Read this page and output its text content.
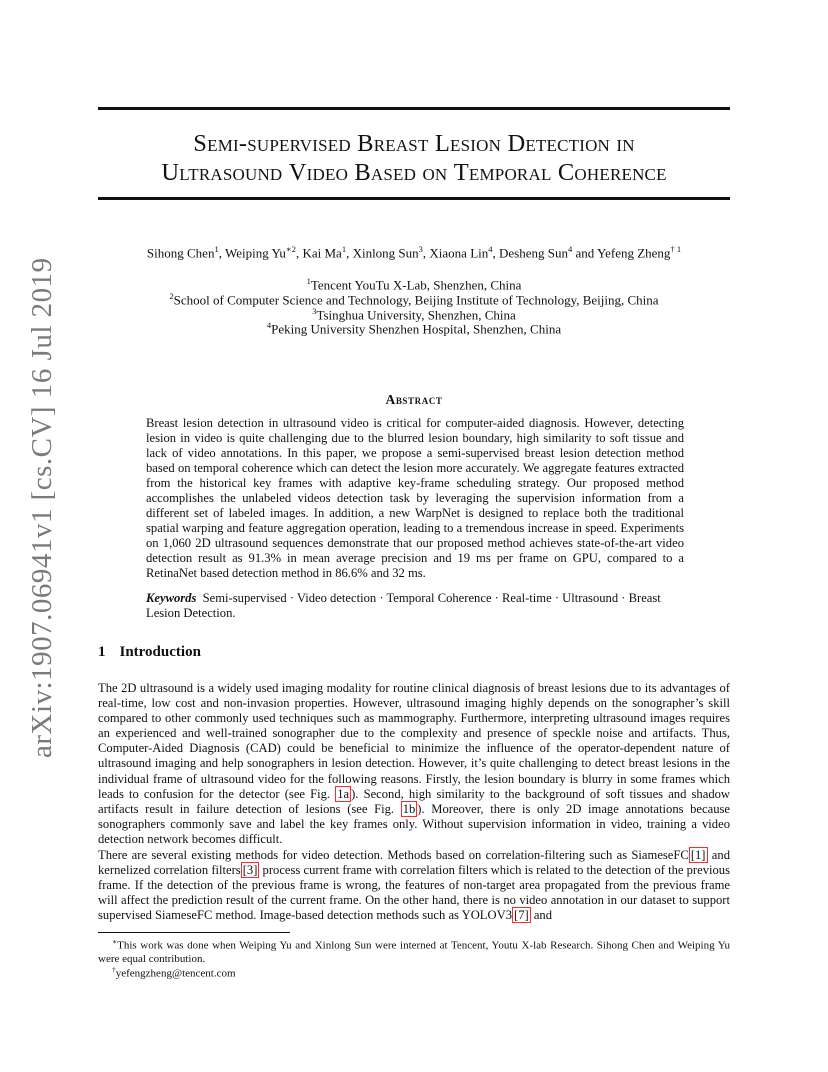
arXiv:1907.06941v1 [cs.CV] 16 Jul 2019
Semi-supervised Breast Lesion Detection in
Ultrasound Video Based on Temporal Coherence
Sihong Chen$^1$, Weiping $Yu^{∗2}$, Kai Ma$^1$, Xinlong Sun$^3$, Xiaona Lin$^4$, Desheng Sun$^4$ and Yefeng Zheng$^{\dagger 1}$
$^1$Tencent YouTu X-Lab, Shenzhen, China
$^2$School of Computer Science and Technology, Beijing Institute of Technology, Beijing, China
$^3$Tsinghua University, Shenzhen, China
$^4$Peking University Shenzhen Hospital, Shenzhen, China
Abstract
Breast lesion detection in ultrasound video is critical for computer-aided diagnosis. However, detecting lesion in video is quite challenging due to the blurred lesion boundary, high similarity to soft tissue and lack of video annotations. In this paper, we propose a semi-supervised breast lesion detection method based on temporal coherence which can detect the lesion more accurately. We aggregate features extracted from the historical key frames with adaptive key-frame scheduling strategy. Our proposed method accomplishes the unlabeled videos detection task by leveraging the supervision information from a different set of labeled images. In addition, a new WarpNet is designed to replace both the traditional spatial warping and feature aggregation operation, leading to a tremendous increase in speed. Experiments on 1,060 2D ultrasound sequences demonstrate that our proposed method achieves state-of-the-art video detection result as 91.3% in mean average precision and 19 ms per frame on GPU, compared to a RetinaNet based detection method in 86.6% and 32 ms.
Keywords Semi-supervised · Video detection · Temporal Coherence · Real-time · Ultrasound · Breast Lesion Detection.
1 Introduction
The 2D ultrasound is a widely used imaging modality for routine clinical diagnosis of breast lesions due to its advantages of real-time, low cost and non-invasion properties. However, ultrasound imaging highly depends on the sonographer’s skill compared to other commonly used techniques such as mammography. Furthermore, interpreting ultrasound images requires an experienced and well-trained sonographer due to the complexity and presence of speckle noise and artifacts. Thus, Computer-Aided Diagnosis (CAD) could be beneficial to minimize the influence of the operator-dependent nature of ultrasound imaging and help sonographers in lesion detection. However, it’s quite challenging to detect breast lesions in the individual frame of ultrasound video for the following reasons. Firstly, the lesion boundary is blurry in some frames which leads to confusion for the detector (see Fig. 1a ). Second, high similarity to the background of soft tissues and shadow artifacts result in failure detection of lesions (see Fig. 1b ). Moreover, there is only 2D image annotations because sonographers commonly save and label the key frames only. Without supervision information in video, training a video detection network becomes difficult.
There are several existing methods for video detection. Methods based on correlation-filtering such as SiameseFC [1] and kernelized correlation filters [3] process current frame with correlation filters which is related to the detection of the previous frame. If the detection of the previous frame is wrong, the features of non-target area propagated from the previous frame will affect the prediction result of the current frame. On the other hand, there is no video annotation in our dataset to support supervised SiameseFC method. Image-based detection methods such as YOLOV3 [7] and
∗This work was done when Weiping Yu and Xinlong Sun were interned at Tencent, Youtu X-lab Research. Sihong Chen and Weiping Yu were equal contribution.
†yefengzheng@tencent.com
